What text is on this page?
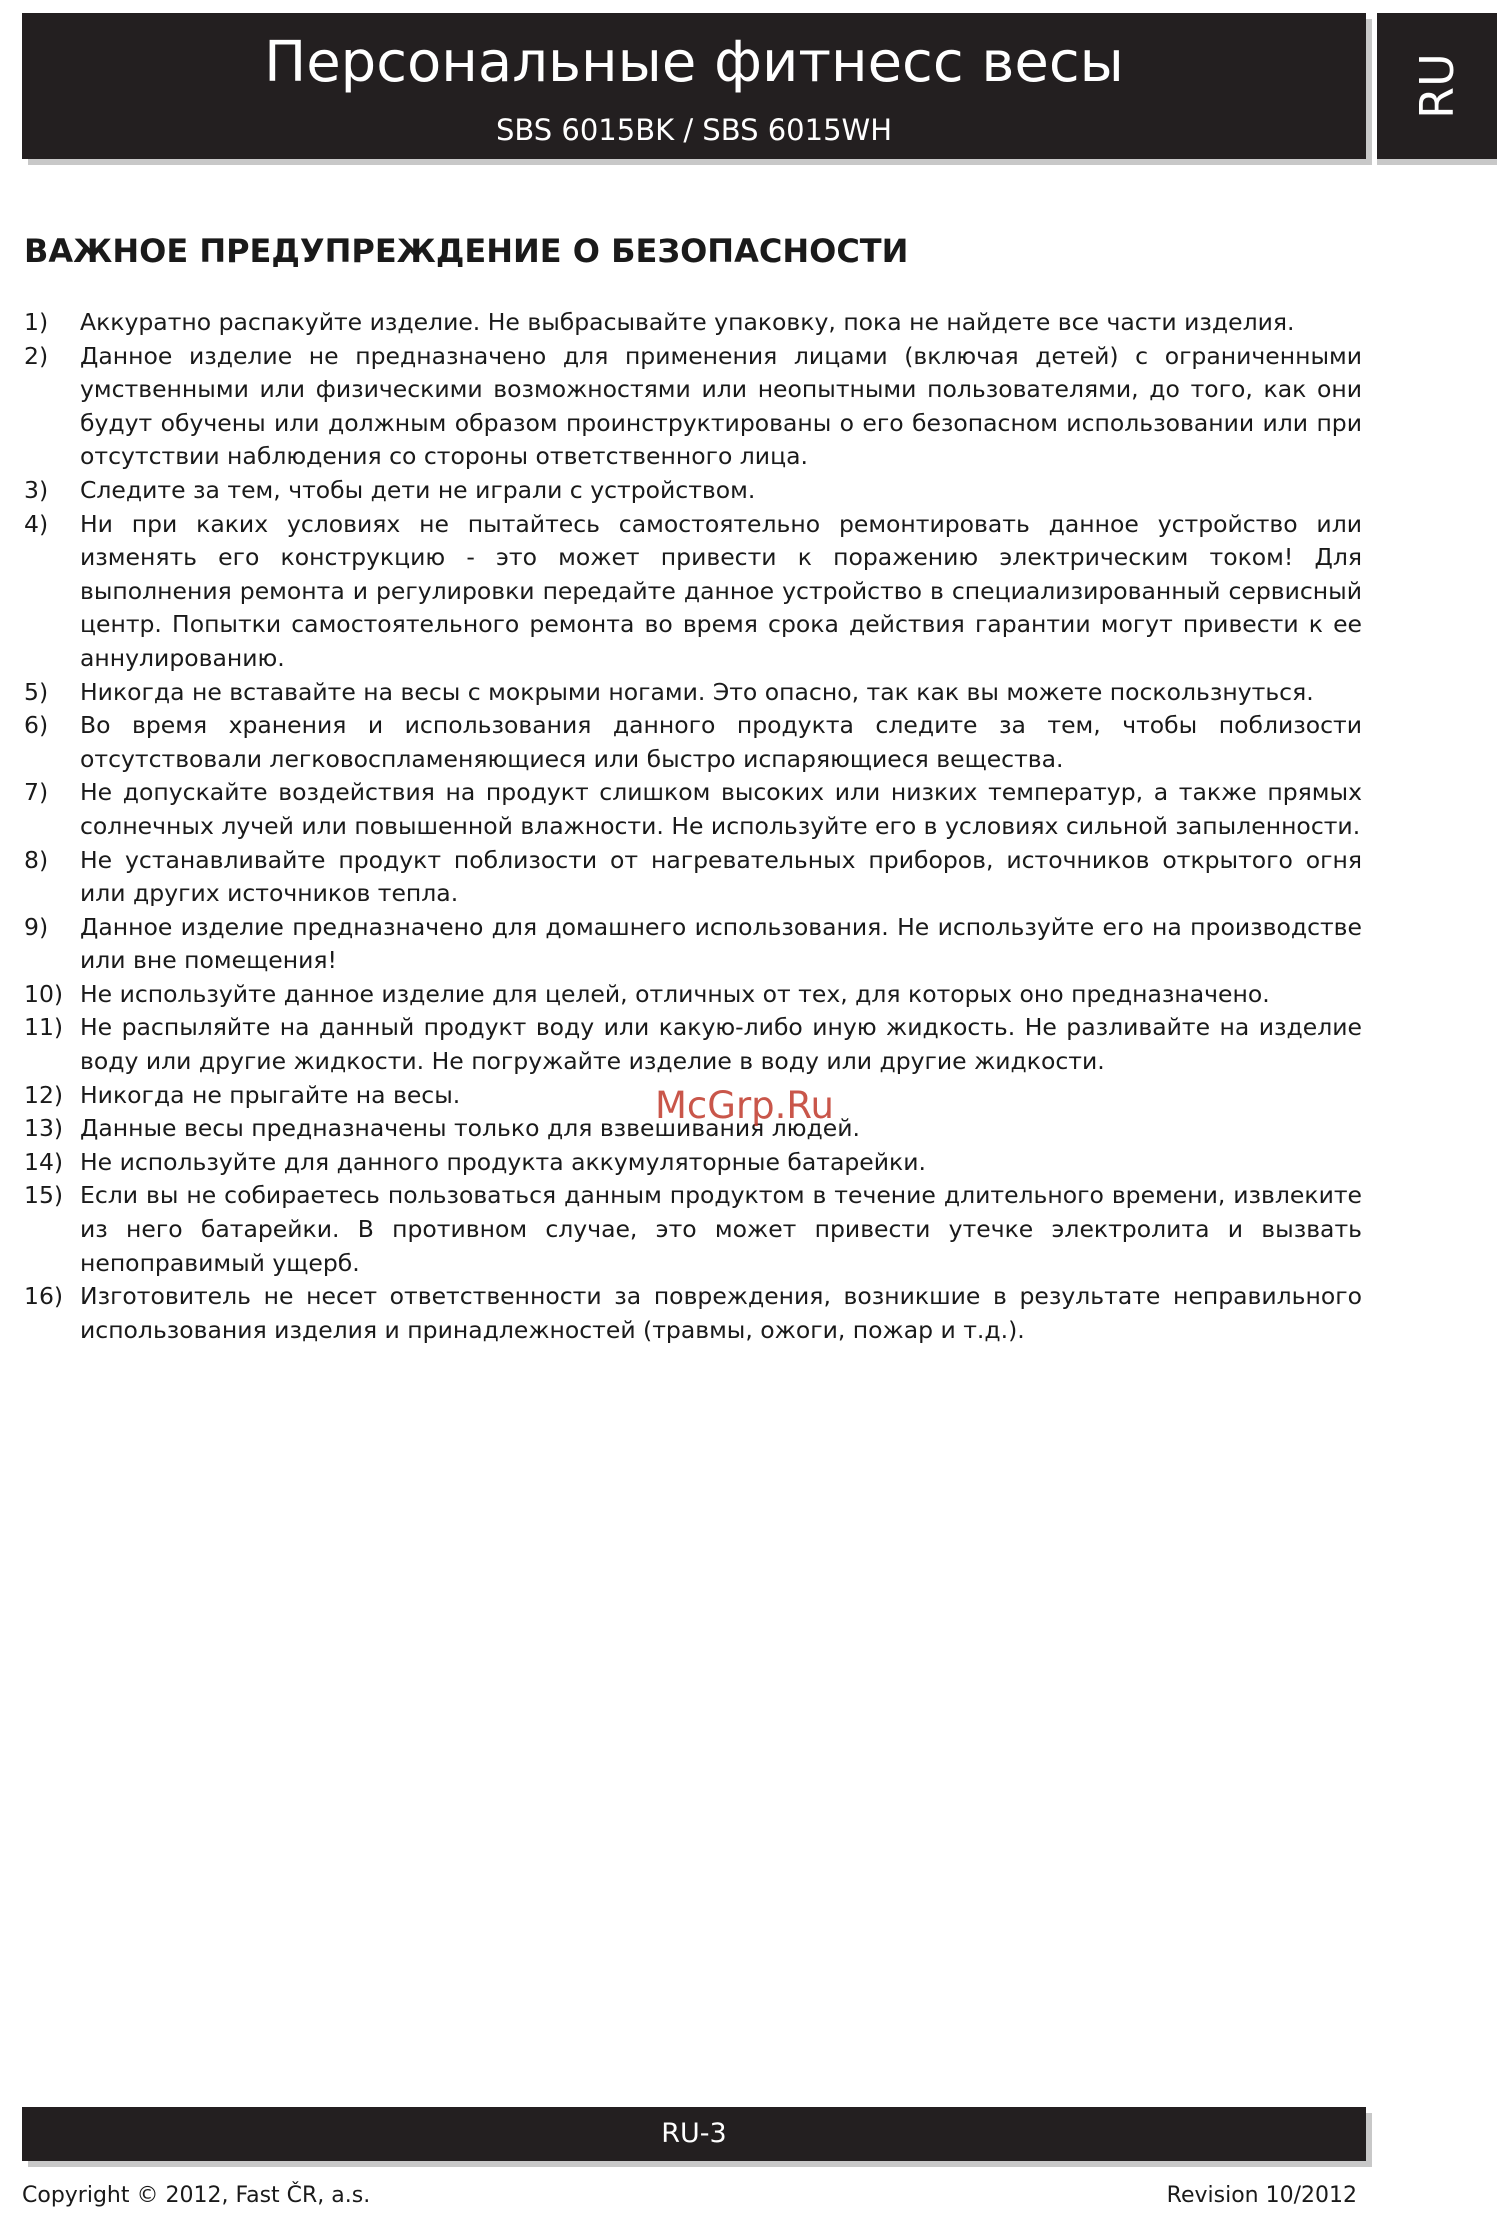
Персональные фитнесс весы
SBS 6015BK / SBS 6015WH
RU
ВАЖНОЕ ПРЕДУПРЕЖДЕНИЕ О БЕЗОПАСНОСТИ
1) Аккуратно распакуйте изделие. Не выбрасывайте упаковку, пока не найдете все части изделия.
2) Данное изделие не предназначено для применения лицами (включая детей) с ограниченными умственными или физическими возможностями или неопытными пользователями, до того, как они будут обучены или должным образом проинструктированы о его безопасном использовании или при отсутствии наблюдения со стороны ответственного лица.
3) Следите за тем, чтобы дети не играли с устройством.
4) Ни при каких условиях не пытайтесь самостоятельно ремонтировать данное устройство или изменять его конструкцию - это может привести к поражению электрическим током! Для выполнения ремонта и регулировки передайте данное устройство в специализированный сервисный центр. Попытки самостоятельного ремонта во время срока действия гарантии могут привести к ее аннулированию.
5) Никогда не вставайте на весы с мокрыми ногами. Это опасно, так как вы можете поскользнуться.
6) Во время хранения и использования данного продукта следите за тем, чтобы поблизости отсутствовали легковоспламеняющиеся или быстро испаряющиеся вещества.
7) Не допускайте воздействия на продукт слишком высоких или низких температур, а также прямых солнечных лучей или повышенной влажности. Не используйте его в условиях сильной запыленности.
8) Не устанавливайте продукт поблизости от нагревательных приборов, источников открытого огня или других источников тепла.
9) Данное изделие предназначено для домашнего использования. Не используйте его на производстве или вне помещения!
10) Не используйте данное изделие для целей, отличных от тех, для которых оно предназначено.
11) Не распыляйте на данный продукт воду или какую-либо иную жидкость. Не разливайте на изделие воду или другие жидкости. Не погружайте изделие в воду или другие жидкости.
12) Никогда не прыгайте на весы.
13) Данные весы предназначены только для взвешивания людей.
14) Не используйте для данного продукта аккумуляторные батарейки.
15) Если вы не собираетесь пользоваться данным продуктом в течение длительного времени, извлеките из него батарейки. В противном случае, это может привести утечке электролита и вызвать непоправимый ущерб.
16) Изготовитель не несет ответственности за повреждения, возникшие в результате неправильного использования изделия и принадлежностей (травмы, ожоги, пожар и т.д.).
McGrp.Ru
RU-3
Copyright © 2012, Fast ČR, a.s.	Revision 10/2012
